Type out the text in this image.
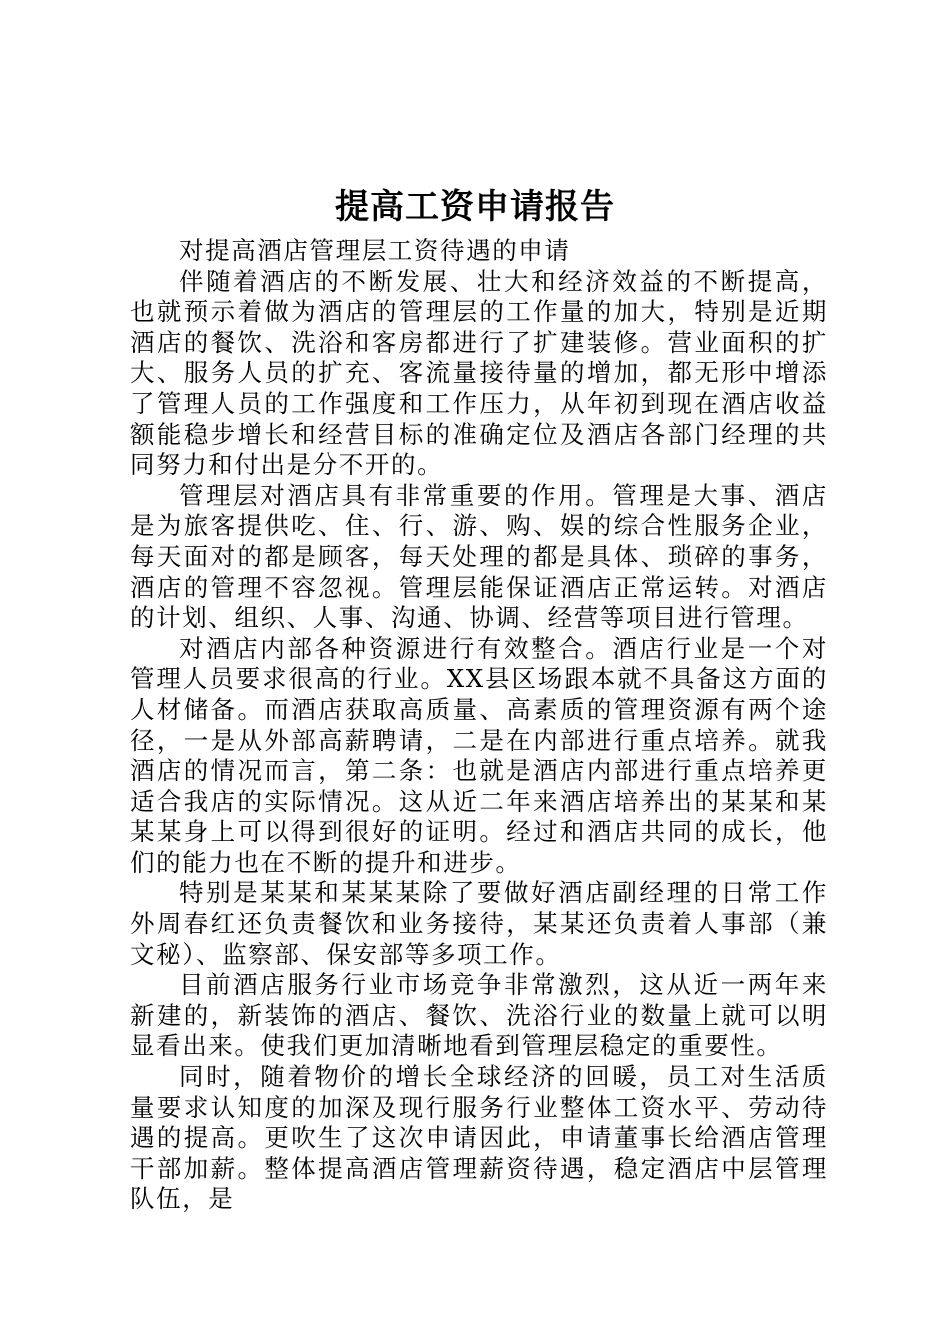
提高工资申请报告

对提高酒店管理层工资待遇的申请

伴随着酒店的不断发展、壮大和经济效益的不断提高，也就预示着做为酒店的管理层的工作量的加大，特别是近期酒店的餐饮、洗浴和客房都进行了扩建装修。营业面积的扩大、服务人员的扩充、客流量接待量的增加，都无形中增添了管理人员的工作强度和工作压力，从年初到现在酒店收益额能稳步增长和经营目标的准确定位及酒店各部门经理的共同努力和付出是分不开的。

管理层对酒店具有非常重要的作用。管理是大事、酒店是为旅客提供吃、住、行、游、购、娱的综合性服务企业，每天面对的都是顾客，每天处理的都是具体、琐碎的事务，酒店的管理不容忽视。管理层能保证酒店正常运转。对酒店的计划、组织、人事、沟通、协调、经营等项目进行管理。

对酒店内部各种资源进行有效整合。酒店行业是一个对管理人员要求很高的行业。XX县区场跟本就不具备这方面的人材储备。而酒店获取高质量、高素质的管理资源有两个途径，一是从外部高薪聘请，二是在内部进行重点培养。就我酒店的情况而言，第二条：也就是酒店内部进行重点培养更适合我店的实际情况。这从近二年来酒店培养出的某某和某某某身上可以得到很好的证明。经过和酒店共同的成长，他们的能力也在不断的提升和进步。

特别是某某和某某某除了要做好酒店副经理的日常工作外周春红还负责餐饮和业务接待，某某还负责着人事部（兼文秘）、监察部、保安部等多项工作。

目前酒店服务行业市场竞争非常激烈，这从近一两年来新建的，新装饰的酒店、餐饮、洗浴行业的数量上就可以明显看出来。使我们更加清晰地看到管理层稳定的重要性。

同时，随着物价的增长全球经济的回暖，员工对生活质量要求认知度的加深及现行服务行业整体工资水平、劳动待遇的提高。更吹生了这次申请因此，申请董事长给酒店管理干部加薪。整体提高酒店管理薪资待遇，稳定酒店中层管理队伍，是
